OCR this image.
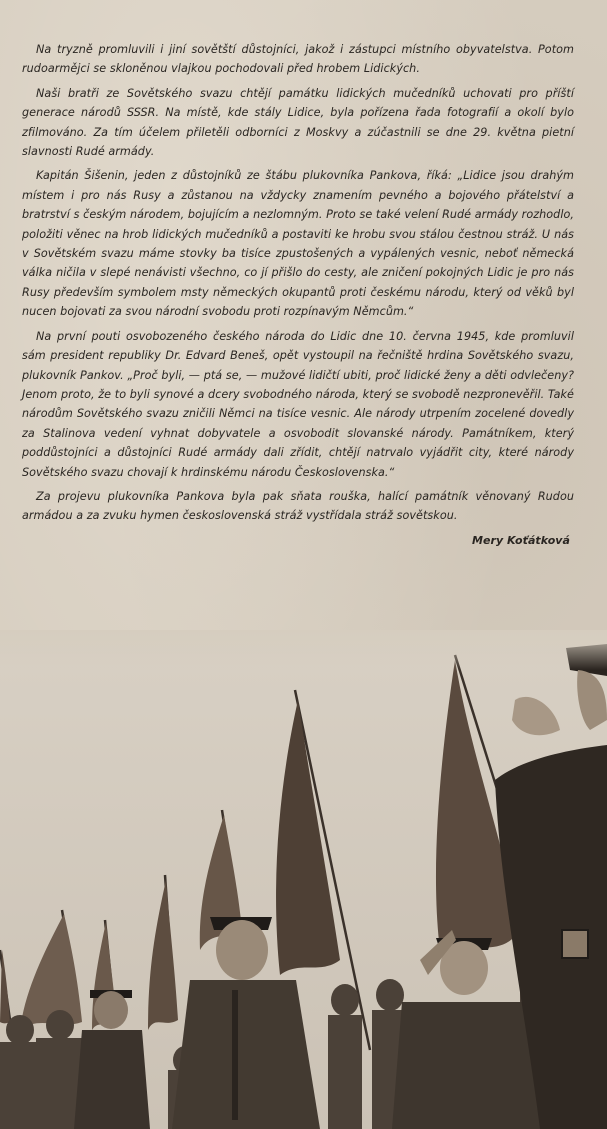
Na tryzně promluvili i jiní sovětští důstojníci, jakož i zástupci místního obyvatelstva. Potom rudoarmějci se skloněnou vlajkou pochodovali před hrobem Lidických.

Naši bratři ze Sovětského svazu chtějí památku lidických mučedníků uchovati pro příští generace národů SSSR. Na místě, kde stály Lidice, byla pořízena řada fotografií a okolí bylo zfilmováno. Za tím účelem přiletěli odborníci z Moskvy a zúčastnili se dne 29. května pietní slavnosti Rudé armády.

Kapitán Šišenin, jeden z důstojníků ze štábu plukovníka Pankova, říká: „Lidice jsou drahým místem i pro nás Rusy a zůstanou na vždycky znamením pevného a bojového přátelství a bratrství s českým národem, bojujícím a nezlomným. Proto se také velení Rudé armády rozhodlo, položiti věnec na hrob lidických mučedníků a postaviti ke hrobu svou stálou čestnou stráž. U nás v Sovětském svazu máme stovky ba tisíce zpustošených a vypálených vesnic, neboť německá válka ničila v slepé nenávisti všechno, co jí přišlo do cesty, ale zničení pokojných Lidic je pro nás Rusy především symbolem msty německých okupantů proti českému národu, který od věků byl nucen bojovati za svou národní svobodu proti rozpínavým Němcům.“

Na první pouti osvobozeného českého národa do Lidic dne 10. června 1945, kde promluvil sám president republiky Dr. Edvard Beneš, opět vystoupil na řečniště hrdina Sovětského svazu, plukovník Pankov. „Proč byli, — ptá se, — mužové lidičtí ubiti, proč lidické ženy a děti odvlečeny? Jenom proto, že to byli synové a dcery svobodného národa, který se svobodě nezpronevěřil. Také národům Sovětského svazu zničili Němci na tisíce vesnic. Ale národy utrpením zocelené dovedly za Stalinova vedení vyhnat dobyvatele a osvobodit slovanské národy. Památníkem, který poddůstojníci a důstojníci Rudé armády dali zřídit, chtějí natrvalo vyjádřit city, které národy Sovětského svazu chovají k hrdinskému národu Československa.“

Za projevu plukovníka Pankova byla pak sňata rouška, halící památník věnovaný Rudou armádou a za zvuku hymen československá stráž vystřídala stráž sovětskou.

Mery Koťátková
